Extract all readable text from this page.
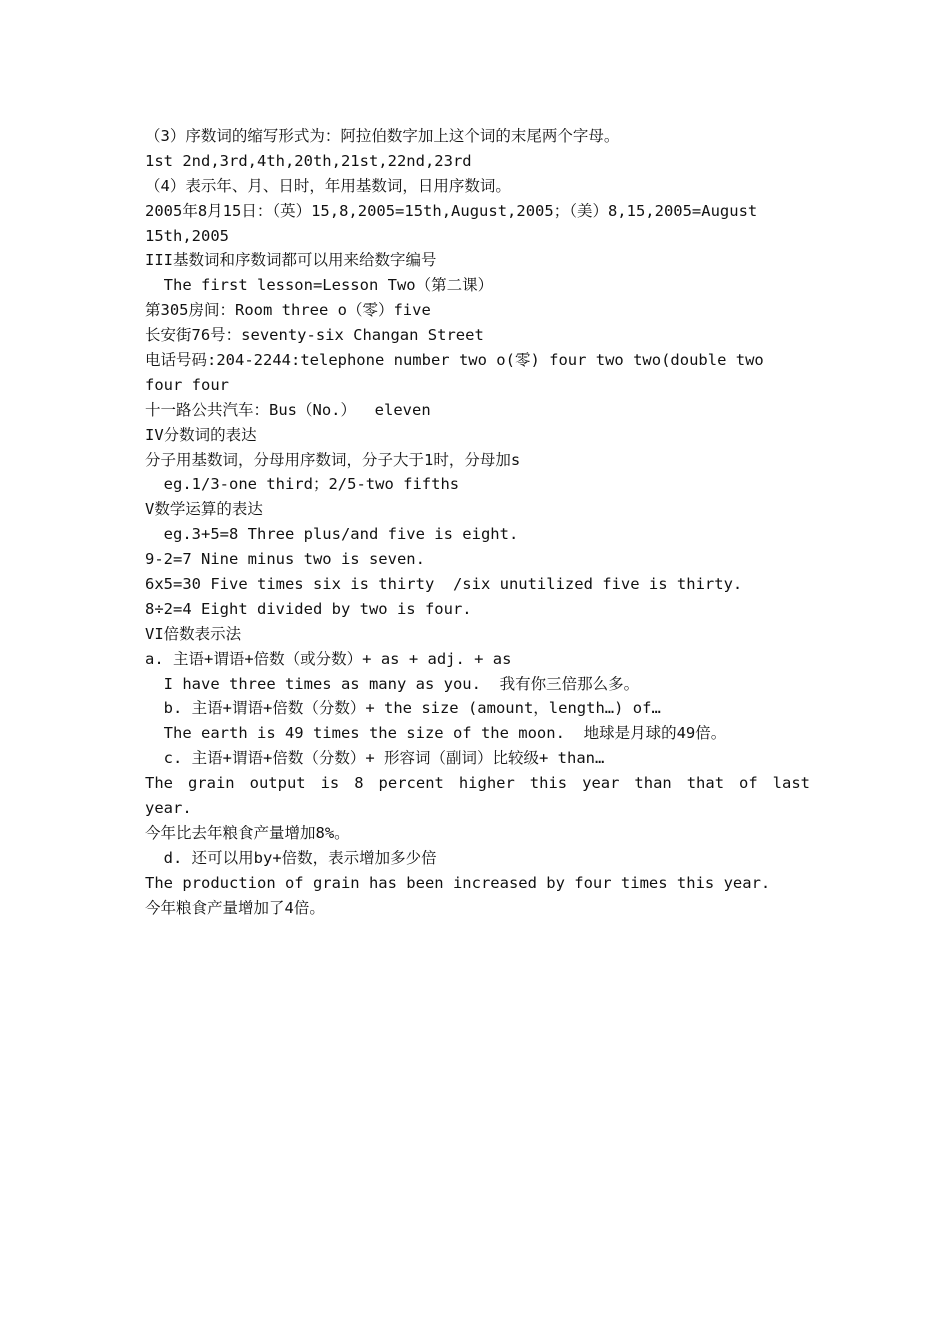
（3）序数词的缩写形式为：阿拉伯数字加上这个词的末尾两个字母。
1st 2nd,3rd,4th,20th,21st,22nd,23rd
（4）表示年、月、日时，年用基数词，日用序数词。
2005年8月15日：（英）15,8,2005=15th,August,2005；（美）8,15,2005=August
15th,2005
III基数词和序数词都可以用来给数字编号
The first lesson=Lesson Two（第二课）
第305房间：Room three o（零）five
长安街76号：seventy-six Changan Street
电话号码:204-2244:telephone number two o(零) four two two(double two
four four
十一路公共汽车：Bus（No.）  eleven
IV分数词的表达
分子用基数词，分母用序数词，分子大于1时，分母加s
eg.1/3-one third；2/5-two fifths
V数学运算的表达
eg.3+5=8 Three plus/and five is eight.
9-2=7 Nine minus two is seven.
6x5=30 Five times six is thirty  /six unutilized five is thirty.
8÷2=4 Eight divided by two is four.
VI倍数表示法
a. 主语+谓语+倍数（或分数）+ as + adj. + as
I have three times as many as you.  我有你三倍那么多。
b. 主语+谓语+倍数（分数）+ the size (amount，length…) of…
The earth is 49 times the size of the moon.  地球是月球的49倍。
c. 主语+谓语+倍数（分数）+ 形容词（副词）比较级+ than…
The grain output is 8 percent higher this year than that of last
year.
今年比去年粮食产量增加8%。
d. 还可以用by+倍数，表示增加多少倍
The production of grain has been increased by four times this year.
今年粮食产量增加了4倍。
